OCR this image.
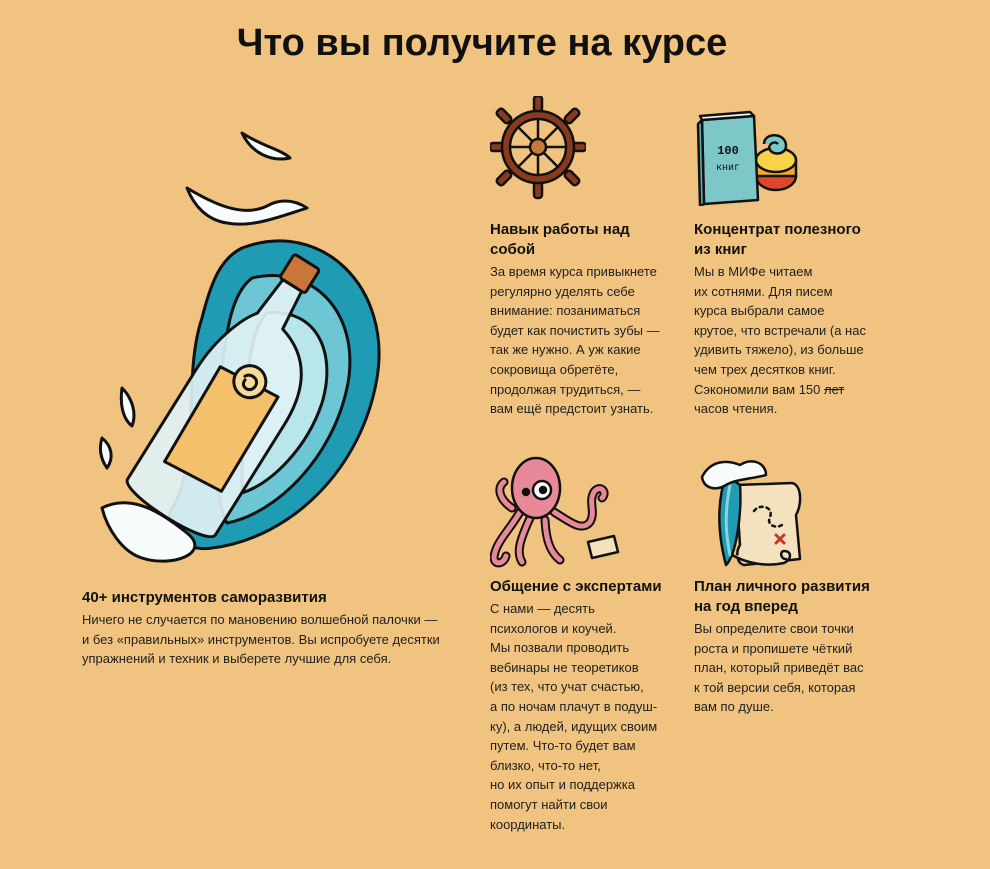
Что вы получите на курсе
100
книг
40+ инструментов саморазвития

Ничего не случается по мановению волшебной палочки —
и без «правильных» инструментов. Вы испробуете десятки
упражнений и техник и выберете лучшие для себя.

Навык работы над
собой

За время курса привыкнете
регулярно уделять себе
внимание: позаниматься
будет как почистить зубы —
так же нужно. А уж какие
сокровища обретёте,
продолжая трудиться, —
вам ещё предстоит узнать.

Концентрат полезного
из книг

Мы в МИФе читаем
их сотнями. Для писем
курса выбрали самое
крутое, что встречали (а нас
удивить тяжело), из больше
чем трех десятков книг.
Сэкономили вам 150 лет
часов чтения.

Общение с экспертами

С нами — десять
психологов и коучей.
Мы позвали проводить
вебинары не теоретиков
(из тех, что учат счастью,
а по ночам плачут в подуш-
ку), а людей, идущих своим
путем. Что-то будет вам
близко, что-то нет,
но их опыт и поддержка
помогут найти свои
координаты.

План личного развития
на год вперед

Вы определите свои точки
роста и пропишете чёткий
план, который приведёт вас
к той версии себя, которая
вам по душе.
